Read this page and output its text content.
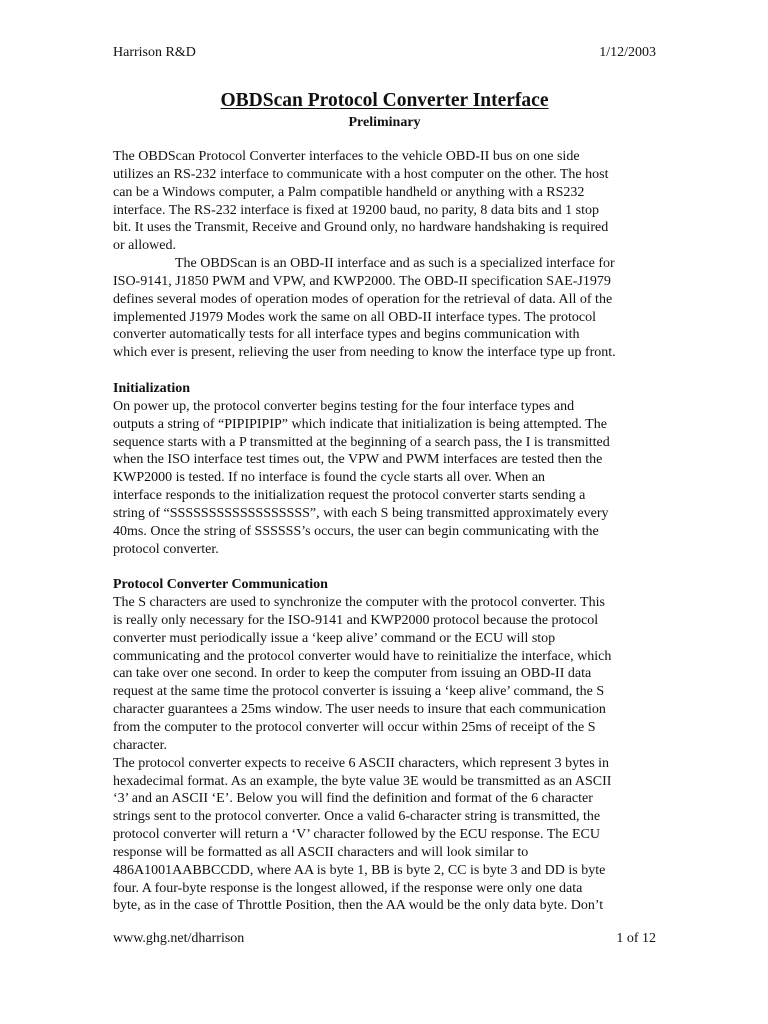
Harrison R&D	1/12/2003
OBDScan Protocol Converter Interface
Preliminary

The OBDScan Protocol Converter interfaces to the vehicle OBD-II bus on one side
utilizes an RS-232 interface to communicate with a host computer on the other. The host
can be a Windows computer, a Palm compatible handheld or anything with a RS232
interface. The RS-232 interface is fixed at 19200 baud, no parity, 8 data bits and 1 stop
bit. It uses the Transmit, Receive and Ground only, no hardware handshaking is required
or allowed.

The OBDScan is an OBD-II interface and as such is a specialized interface for
ISO-9141, J1850 PWM and VPW, and KWP2000. The OBD-II specification SAE-J1979
defines several modes of operation modes of operation for the retrieval of data. All of the
implemented J1979 Modes work the same on all OBD-II interface types. The protocol
converter automatically tests for all interface types and begins communication with
which ever is present, relieving the user from needing to know the interface type up front.

Initialization

On power up, the protocol converter begins testing for the four interface types and
outputs a string of “PIPIPIPIP” which indicate that initialization is being attempted. The
sequence starts with a P transmitted at the beginning of a search pass, the I is transmitted
when the ISO interface test times out, the VPW and PWM interfaces are tested then the
KWP2000 is tested. If no interface is found the cycle starts all over. When an
interface responds to the initialization request the protocol converter starts sending a
string of “SSSSSSSSSSSSSSSSSS”, with each S being transmitted approximately every
40ms. Once the string of SSSSSS’s occurs, the user can begin communicating with the
protocol converter.

Protocol Converter Communication

The S characters are used to synchronize the computer with the protocol converter. This
is really only necessary for the ISO-9141 and KWP2000 protocol because the protocol
converter must periodically issue a ‘keep alive’ command or the ECU will stop
communicating and the protocol converter would have to reinitialize the interface, which
can take over one second. In order to keep the computer from issuing an OBD-II data
request at the same time the protocol converter is issuing a ‘keep alive’ command, the S
character guarantees a 25ms window. The user needs to insure that each communication
from the computer to the protocol converter will occur within 25ms of receipt of the S
character.

The protocol converter expects to receive 6 ASCII characters, which represent 3 bytes in
hexadecimal format. As an example, the byte value 3E would be transmitted as an ASCII
‘3’ and an ASCII ‘E’. Below you will find the definition and format of the 6 character
strings sent to the protocol converter. Once a valid 6-character string is transmitted, the
protocol converter will return a ‘V’ character followed by the ECU response. The ECU
response will be formatted as all ASCII characters and will look similar to
486A1001AABBCCDD, where AA is byte 1, BB is byte 2, CC is byte 3 and DD is byte
four. A four-byte response is the longest allowed, if the response were only one data
byte, as in the case of Throttle Position, then the AA would be the only data byte. Don’t

www.ghg.net/dharrison	1 of 12
